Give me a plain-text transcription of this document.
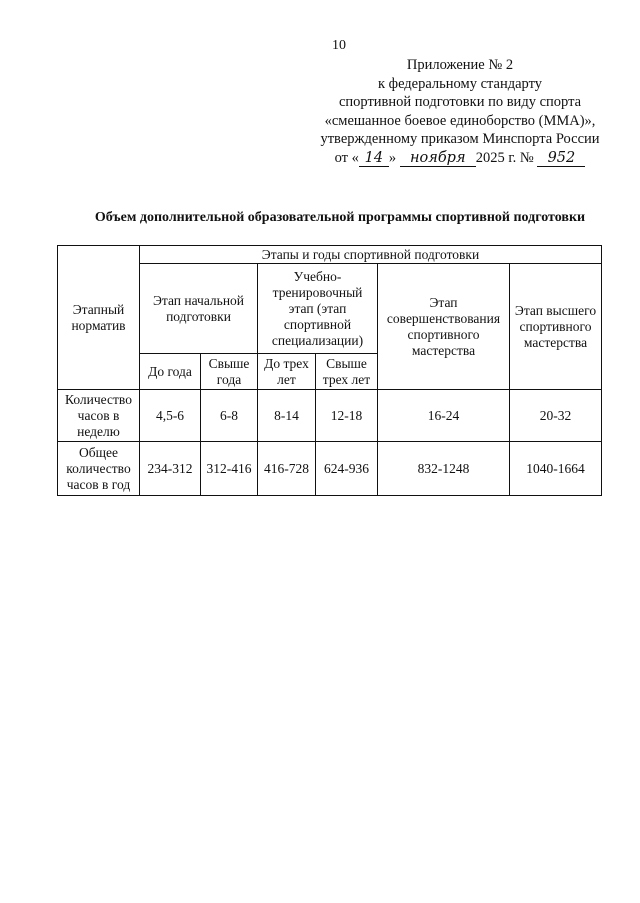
10
Приложение № 2
к федеральному стандарту
спортивной подготовки по виду спорта
«смешанное боевое единоборство (ММА)»,
утвержденному приказом Минспорта России
от « 14 » ноября 2025 г. № 952
Объем дополнительной образовательной программы спортивной подготовки
Этапный норматив	Этапы и годы спортивной подготовки					
	Этап начальной подготовки		Учебно-тренировочный этап (этап спортивной специализации)		Этап совершенствования спортивного мастерства	Этап высшего спортивного мастерства
	До года	Свыше года	До трех лет	Свыше трех лет		
Количество часов в неделю	4,5-6	6-8	8-14	12-18	16-24	20-32
Общее количество часов в год	234-312	312-416	416-728	624-936	832-1248	1040-1664
